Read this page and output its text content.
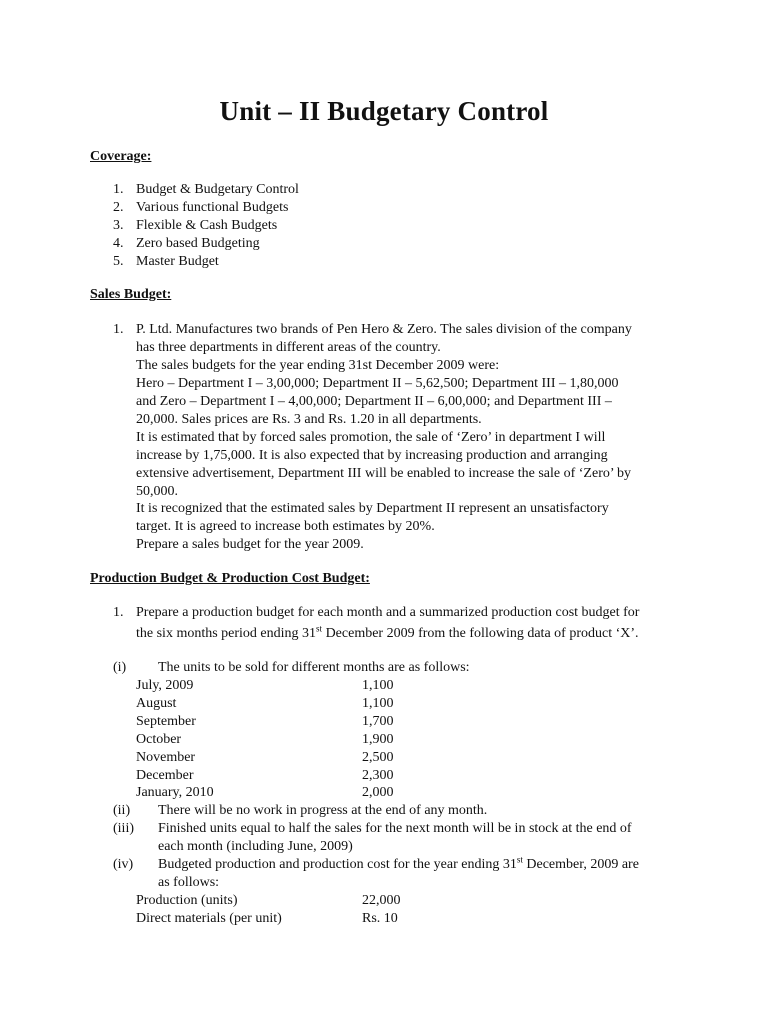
Unit – II Budgetary Control
Coverage:
1. Budget & Budgetary Control
2. Various functional Budgets
3. Flexible & Cash Budgets
4. Zero based Budgeting
5. Master Budget
Sales Budget:
1. P. Ltd. Manufactures two brands of Pen Hero & Zero. The sales division of the company
has three departments in different areas of the country.
The sales budgets for the year ending 31st December 2009 were:
Hero – Department I – 3,00,000; Department II – 5,62,500; Department III – 1,80,000
and Zero – Department I – 4,00,000; Department II – 6,00,000; and Department III –
20,000. Sales prices are Rs. 3 and Rs. 1.20 in all departments.
It is estimated that by forced sales promotion, the sale of ‘Zero’ in department I will
increase by 1,75,000. It is also expected that by increasing production and arranging
extensive advertisement, Department III will be enabled to increase the sale of ‘Zero’ by
50,000.
It is recognized that the estimated sales by Department II represent an unsatisfactory
target. It is agreed to increase both estimates by 20%.
Prepare a sales budget for the year 2009.
Production Budget & Production Cost Budget:
1. Prepare a production budget for each month and a summarized production cost budget for
the six months period ending 31st December 2009 from the following data of product ‘X’.
(i) The units to be sold for different months are as follows:
July, 2009	1,100
August	1,100
September	1,700
October	1,900
November	2,500
December	2,300
January, 2010	2,000
(ii) There will be no work in progress at the end of any month.
(iii) Finished units equal to half the sales for the next month will be in stock at the end of
each month (including June, 2009)
(iv) Budgeted production and production cost for the year ending 31st December, 2009 are
as follows:
Production (units)	22,000
Direct materials (per unit)	Rs. 10
